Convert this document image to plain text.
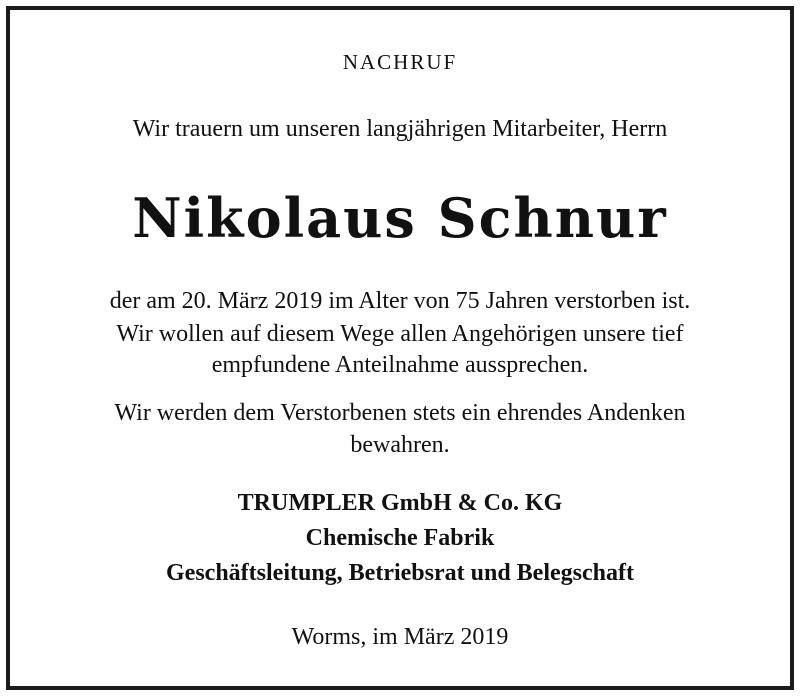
NACHRUF
Wir trauern um unseren langjährigen Mitarbeiter, Herrn
Nikolaus Schnur
der am 20. März 2019 im Alter von 75 Jahren verstorben ist.
Wir wollen auf diesem Wege allen Angehörigen unsere tief
empfundene Anteilnahme aussprechen.
Wir werden dem Verstorbenen stets ein ehrendes Andenken
bewahren.
TRUMPLER GmbH & Co. KG
Chemische Fabrik
Geschäftsleitung, Betriebsrat und Belegschaft
Worms, im März 2019
